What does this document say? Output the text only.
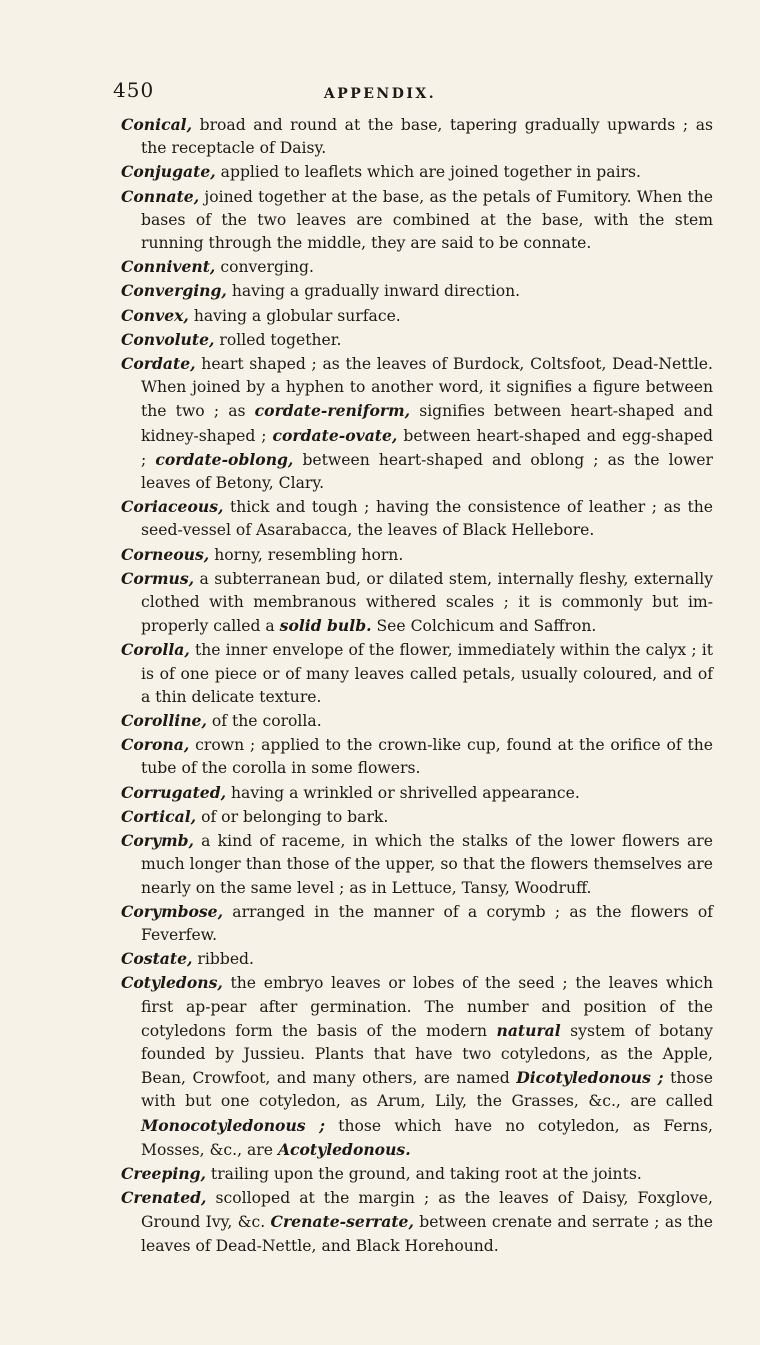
450	APPENDIX.

Conical, broad and round at the base, tapering gradually upwards ; as the receptacle of Daisy.

Conjugate, applied to leaflets which are joined together in pairs.

Connate, joined together at the base, as the petals of Fumitory. When the bases of the two leaves are combined at the base, with the stem running through the middle, they are said to be connate.

Connivent, converging.

Converging, having a gradually inward direction.

Convex, having a globular surface.

Convolute, rolled together.

Cordate, heart shaped ; as the leaves of Burdock, Coltsfoot, Dead-Nettle. When joined by a hyphen to another word, it signifies a figure between the two ; as cordate-reniform, signifies between heart-shaped and kidney-shaped ; cordate-ovate, between heart-shaped and egg-shaped ; cordate-oblong, between heart-shaped and oblong ; as the lower leaves of Betony, Clary.

Coriaceous, thick and tough ; having the consistence of leather ; as the seed-vessel of Asarabacca, the leaves of Black Hellebore.

Corneous, horny, resembling horn.

Cormus, a subterranean bud, or dilated stem, internally fleshy, externally clothed with membranous withered scales ; it is commonly but im-properly called a solid bulb. See Colchicum and Saffron.

Corolla, the inner envelope of the flower, immediately within the calyx ; it is of one piece or of many leaves called petals, usually coloured, and of a thin delicate texture.

Corolline, of the corolla.

Corona, crown ; applied to the crown-like cup, found at the orifice of the tube of the corolla in some flowers.

Corrugated, having a wrinkled or shrivelled appearance.

Cortical, of or belonging to bark.

Corymb, a kind of raceme, in which the stalks of the lower flowers are much longer than those of the upper, so that the flowers themselves are nearly on the same level ; as in Lettuce, Tansy, Woodruff.

Corymbose, arranged in the manner of a corymb ; as the flowers of Feverfew.

Costate, ribbed.

Cotyledons, the embryo leaves or lobes of the seed ; the leaves which first ap-pear after germination. The number and position of the cotyledons form the basis of the modern natural system of botany founded by Jussieu. Plants that have two cotyledons, as the Apple, Bean, Crowfoot, and many others, are named Dicotyledonous ; those with but one cotyledon, as Arum, Lily, the Grasses, &c., are called Monocotyledonous ; those which have no cotyledon, as Ferns, Mosses, &c., are Acotyledonous.

Creeping, trailing upon the ground, and taking root at the joints.

Crenated, scolloped at the margin ; as the leaves of Daisy, Foxglove, Ground Ivy, &c. Crenate-serrate, between crenate and serrate ; as the leaves of Dead-Nettle, and Black Horehound.
